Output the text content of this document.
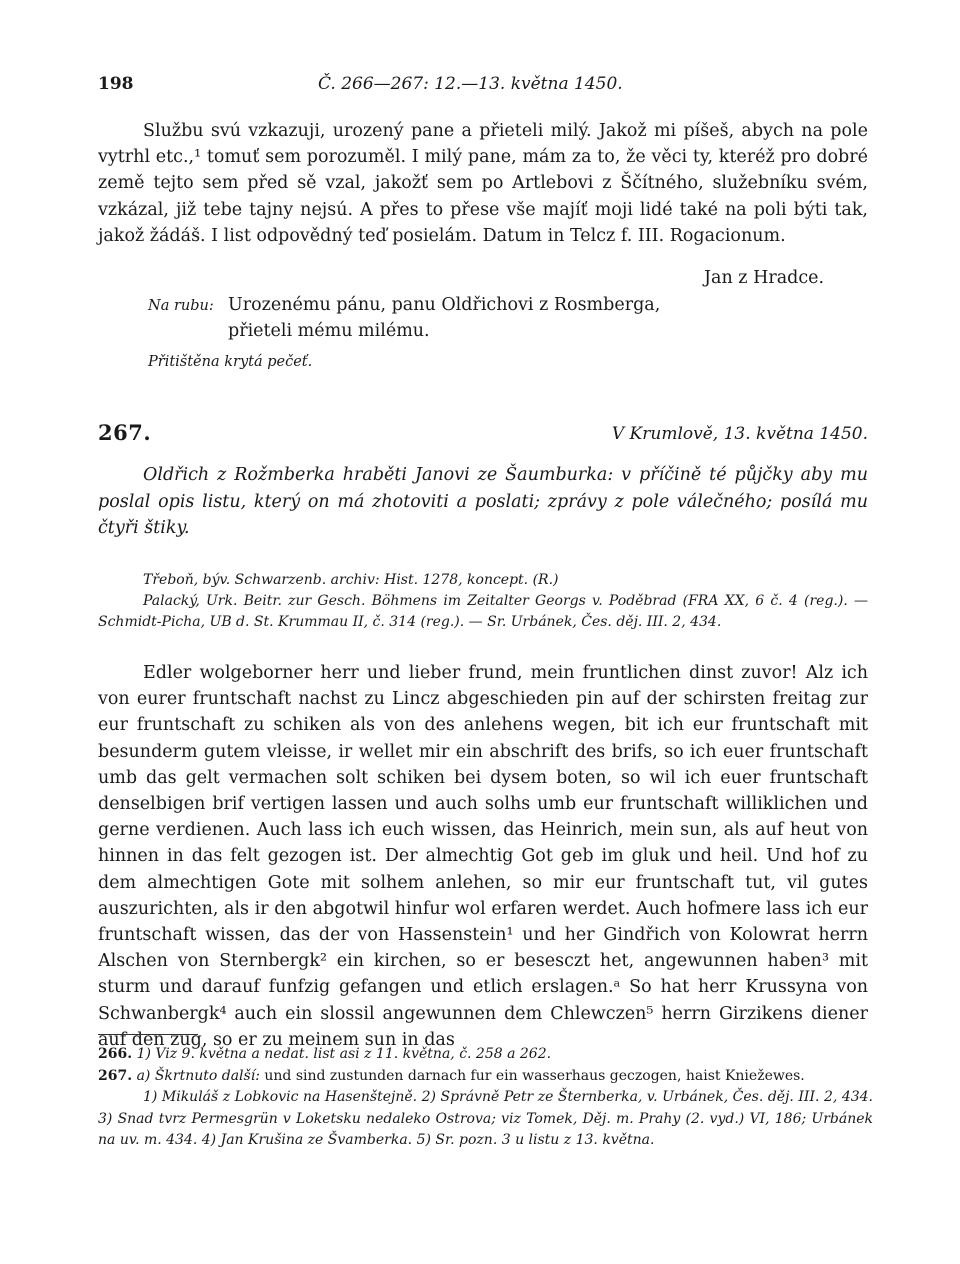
198	Č. 266—267: 12.—13. května 1450.

Službu svú vzkazuji, urozený pane a přieteli milý. Jakož mi píšeš, abych na pole vytrhl etc.,¹ tomuť sem porozuměl. I milý pane, mám za to, že věci ty, kteréž pro dobré země tejto sem před sě vzal, jakožť sem po Artlebovi z Ščítného, služebníku svém, vzkázal, již tebe tajny nejsú. A přes to přese vše majíť moji lidé také na poli býti tak, jakož žádáš. I list odpovědný teď posielám. Datum in Telcz f. III. Rogacionum.

Jan z Hradce.
Na rubu: Urozenému pánu, panu Oldřichovi z Rosmberga,
přieteli mému milému.
Přitištěna krytá pečeť.
267.	V Krumlově, 13. května 1450.

Oldřich z Rožmberka hraběti Janovi ze Šaumburka: v příčině té půjčky aby mu poslal opis listu, který on má zhotoviti a poslati; zprávy z pole válečného; posílá mu čtyři štiky.

Třeboň, býv. Schwarzenb. archiv: Hist. 1278, koncept. (R.)

Palacký, Urk. Beitr. zur Gesch. Böhmens im Zeitalter Georgs v. Poděbrad (FRA XX, 6 č. 4 (reg.). — Schmidt-Picha, UB d. St. Krummau II, č. 314 (reg.). — Sr. Urbánek, Čes. děj. III. 2, 434.

Edler wolgeborner herr und lieber frund, mein fruntlichen dinst zuvor! Alz ich von eurer fruntschaft nachst zu Lincz abgeschieden pin auf der schirsten freitag zur eur fruntschaft zu schiken als von des anlehens wegen, bit ich eur fruntschaft mit besunderm gutem vleisse, ir wellet mir ein abschrift des brifs, so ich euer fruntschaft umb das gelt vermachen solt schiken bei dysem boten, so wil ich euer fruntschaft denselbigen brif vertigen lassen und auch solhs umb eur fruntschaft williklichen und gerne verdienen. Auch lass ich euch wissen, das Heinrich, mein sun, als auf heut von hinnen in das felt gezogen ist. Der almechtig Got geb im gluk und heil. Und hof zu dem almechtigen Gote mit solhem anlehen, so mir eur fruntschaft tut, vil gutes auszurichten, als ir den abgotwil hinfur wol erfaren werdet. Auch hofmere lass ich eur fruntschaft wissen, das der von Hassenstein¹ und her Gindřich von Kolowrat herrn Alschen von Sternbergk² ein kirchen, so er besesczt het, angewunnen haben³ mit sturm und darauf funfzig gefangen und etlich erslagen.ᵃ So hat herr Krussyna von Schwanbergk⁴ auch ein slossil angewunnen dem Chlewczen⁵ herrn Girzikens diener auf den zug, so er zu meinem sun in das

266. 1) Viz 9. května a nedat. list asi z 11. května, č. 258 a 262.

267. a) Škrtnuto další: und sind zustunden darnach fur ein wasserhaus geczogen, haist Kniežewes.

1) Mikuláš z Lobkovic na Hasenštejně. 2) Správně Petr ze Šternberka, v. Urbánek, Čes. děj. III. 2, 434. 3) Snad tvrz Permesgrün v Loketsku nedaleko Ostrova; viz Tomek, Děj. m. Prahy (2. vyd.) VI, 186; Urbánek na uv. m. 434. 4) Jan Krušina ze Švamberka. 5) Sr. pozn. 3 u listu z 13. května.
